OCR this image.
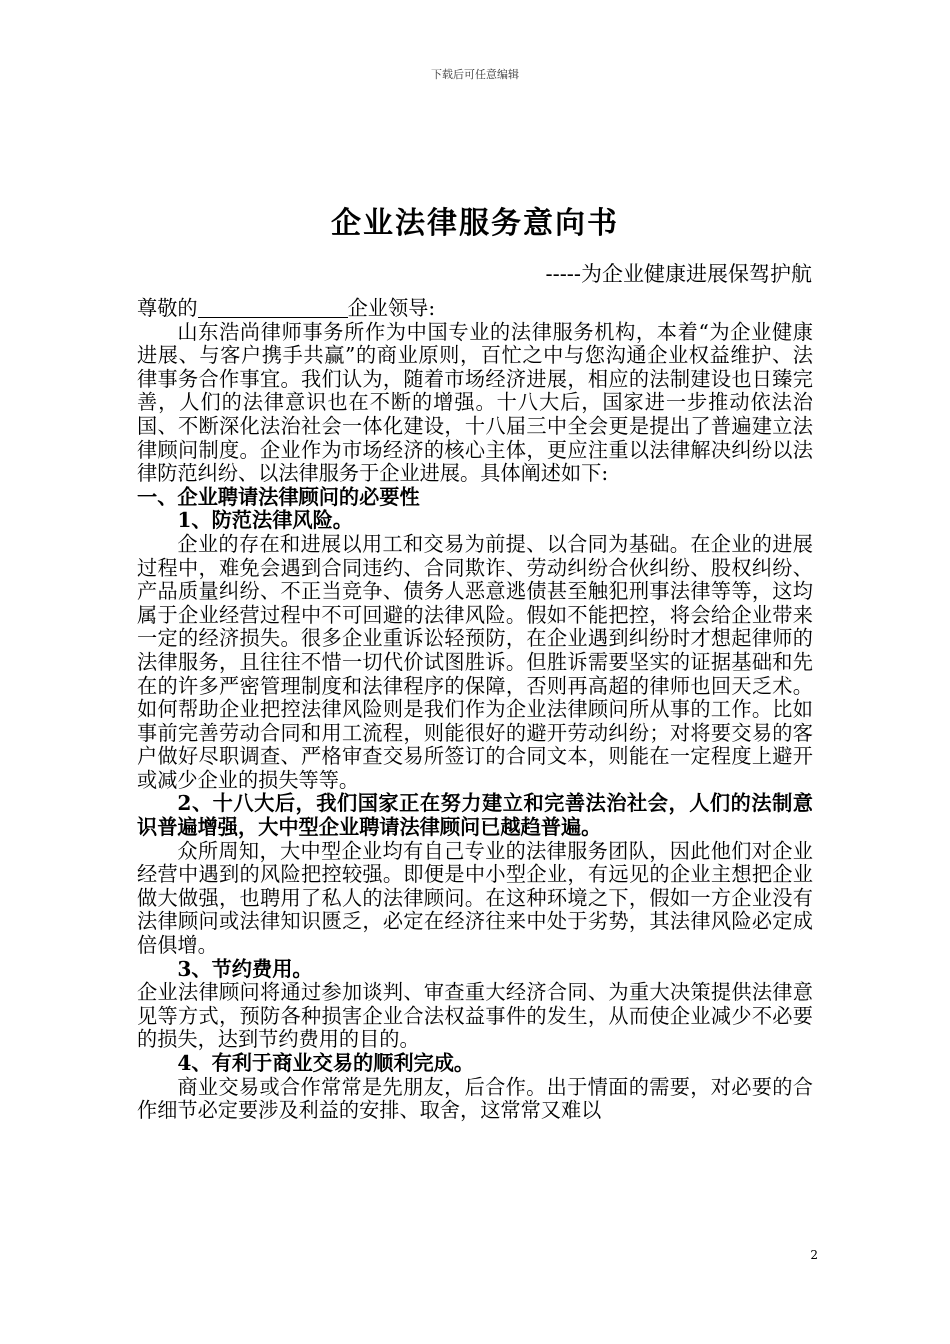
下载后可任意编辑
企业法律服务意向书
-----为企业健康进展保驾护航

尊敬的	企业领导:

山东浩尚律师事务所作为中国专业的法律服务机构，本着“为企业健康进展、与客户携手共赢”的商业原则，百忙之中与您沟通企业权益维护、法律事务合作事宜。我们认为，随着市场经济进展，相应的法制建设也日臻完善，人们的法律意识也在不断的增强。十八大后，国家进一步推动依法治国、不断深化法治社会一体化建设，十八届三中全会更是提出了普遍建立法律顾问制度。企业作为市场经济的核心主体，更应注重以法律解决纠纷以法律防范纠纷、以法律服务于企业进展。具体阐述如下:

一、企业聘请法律顾问的必要性

1、防范法律风险。

企业的存在和进展以用工和交易为前提、以合同为基础。在企业的进展过程中，难免会遇到合同违约、合同欺诈、劳动纠纷合伙纠纷、股权纠纷、产品质量纠纷、不正当竞争、债务人恶意逃债甚至触犯刑事法律等等，这均属于企业经营过程中不可回避的法律风险。假如不能把控，将会给企业带来一定的经济损失。很多企业重诉讼轻预防，在企业遇到纠纷时才想起律师的法律服务，且往往不惜一切代价试图胜诉。但胜诉需要坚实的证据基础和先在的许多严密管理制度和法律程序的保障，否则再高超的律师也回天乏术。如何帮助企业把控法律风险则是我们作为企业法律顾问所从事的工作。比如事前完善劳动合同和用工流程，则能很好的避开劳动纠纷；对将要交易的客户做好尽职调查、严格审查交易所签订的合同文本，则能在一定程度上避开或减少企业的损失等等。

2、十八大后，我们国家正在努力建立和完善法治社会，人们的法制意识普遍增强，大中型企业聘请法律顾问已越趋普遍。

众所周知，大中型企业均有自己专业的法律服务团队，因此他们对企业经营中遇到的风险把控较强。即便是中小型企业，有远见的企业主想把企业做大做强，也聘用了私人的法律顾问。在这种环境之下，假如一方企业没有法律顾问或法律知识匮乏，必定在经济往来中处于劣势，其法律风险必定成倍俱增。

3、节约费用。

企业法律顾问将通过参加谈判、审查重大经济合同、为重大决策提供法律意见等方式，预防各种损害企业合法权益事件的发生，从而使企业减少不必要的损失，达到节约费用的目的。

4、有利于商业交易的顺利完成。

商业交易或合作常常是先朋友，后合作。出于情面的需要，对必要的合作细节必定要涉及利益的安排、取舍，这常常又难以

2
